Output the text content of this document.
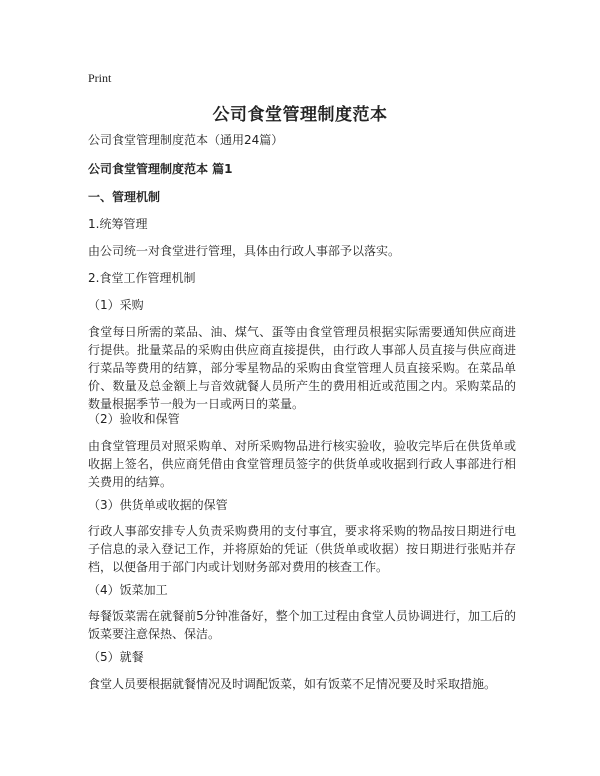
Print
公司食堂管理制度范本

公司食堂管理制度范本（通用24篇）

公司食堂管理制度范本 篇1

一、管理机制

1.统筹管理

由公司统一对食堂进行管理，具体由行政人事部予以落实。

2.食堂工作管理机制

（1）采购

食堂每日所需的菜品、油、煤气、蛋等由食堂管理员根据实际需要通知供应商进行提供。批量菜品的采购由供应商直接提供，由行政人事部人员直接与供应商进行菜品等费用的结算，部分零星物品的采购由食堂管理人员直接采购。在菜品单价、数量及总金额上与音效就餐人员所产生的费用相近或范围之内。采购菜品的数量根据季节一般为一日或两日的菜量。

（2）验收和保管

由食堂管理员对照采购单、对所采购物品进行核实验收，验收完毕后在供货单或收据上签名，供应商凭借由食堂管理员签字的供货单或收据到行政人事部进行相关费用的结算。

（3）供货单或收据的保管

行政人事部安排专人负责采购费用的支付事宜，要求将采购的物品按日期进行电子信息的录入登记工作，并将原始的凭证（供货单或收据）按日期进行张贴并存档，以便备用于部门内或计划财务部对费用的核查工作。

（4）饭菜加工

每餐饭菜需在就餐前5分钟准备好，整个加工过程由食堂人员协调进行，加工后的饭菜要注意保热、保洁。

（5）就餐

食堂人员要根据就餐情况及时调配饭菜，如有饭菜不足情况要及时采取措施。
